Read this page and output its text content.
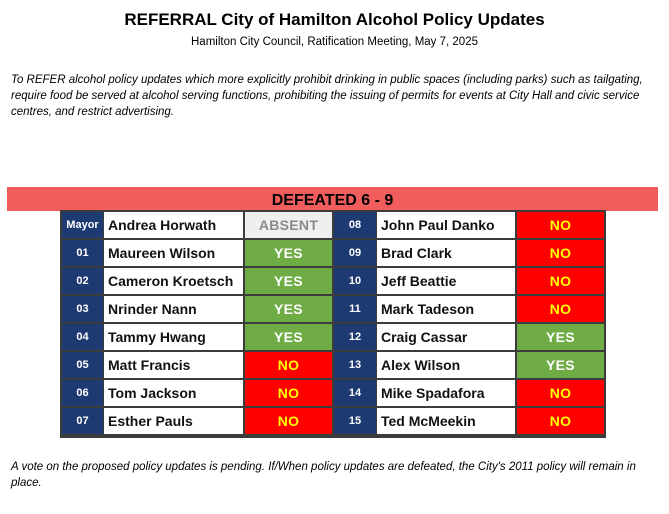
REFERRAL City of Hamilton Alcohol Policy Updates
Hamilton City Council, Ratification Meeting, May 7, 2025
To REFER alcohol policy updates which more explicitly prohibit drinking in public spaces (including parks) such as tailgating, require food be served at alcohol serving functions, prohibiting the issuing of permits for events at City Hall and civic service centres, and restrict advertising.
DEFEATED 6 - 9
Mayor Andrea Horwath	ABSENT	08	John Paul Danko	NO
01	Maureen Wilson	YES	09	Brad Clark	NO
02	Cameron Kroetsch	YES	10	Jeff Beattie	NO
03	Nrinder Nann	YES	11	Mark Tadeson	NO
04	Tammy Hwang	YES	12	Craig Cassar	YES
05	Matt Francis	NO	13	Alex Wilson	YES
06	Tom Jackson	NO	14	Mike Spadafora	NO
07	Esther Pauls	NO	15	Ted McMeekin	NO
A vote on the proposed policy updates is pending. If/When policy updates are defeated, the City's 2011 policy will remain in place.
